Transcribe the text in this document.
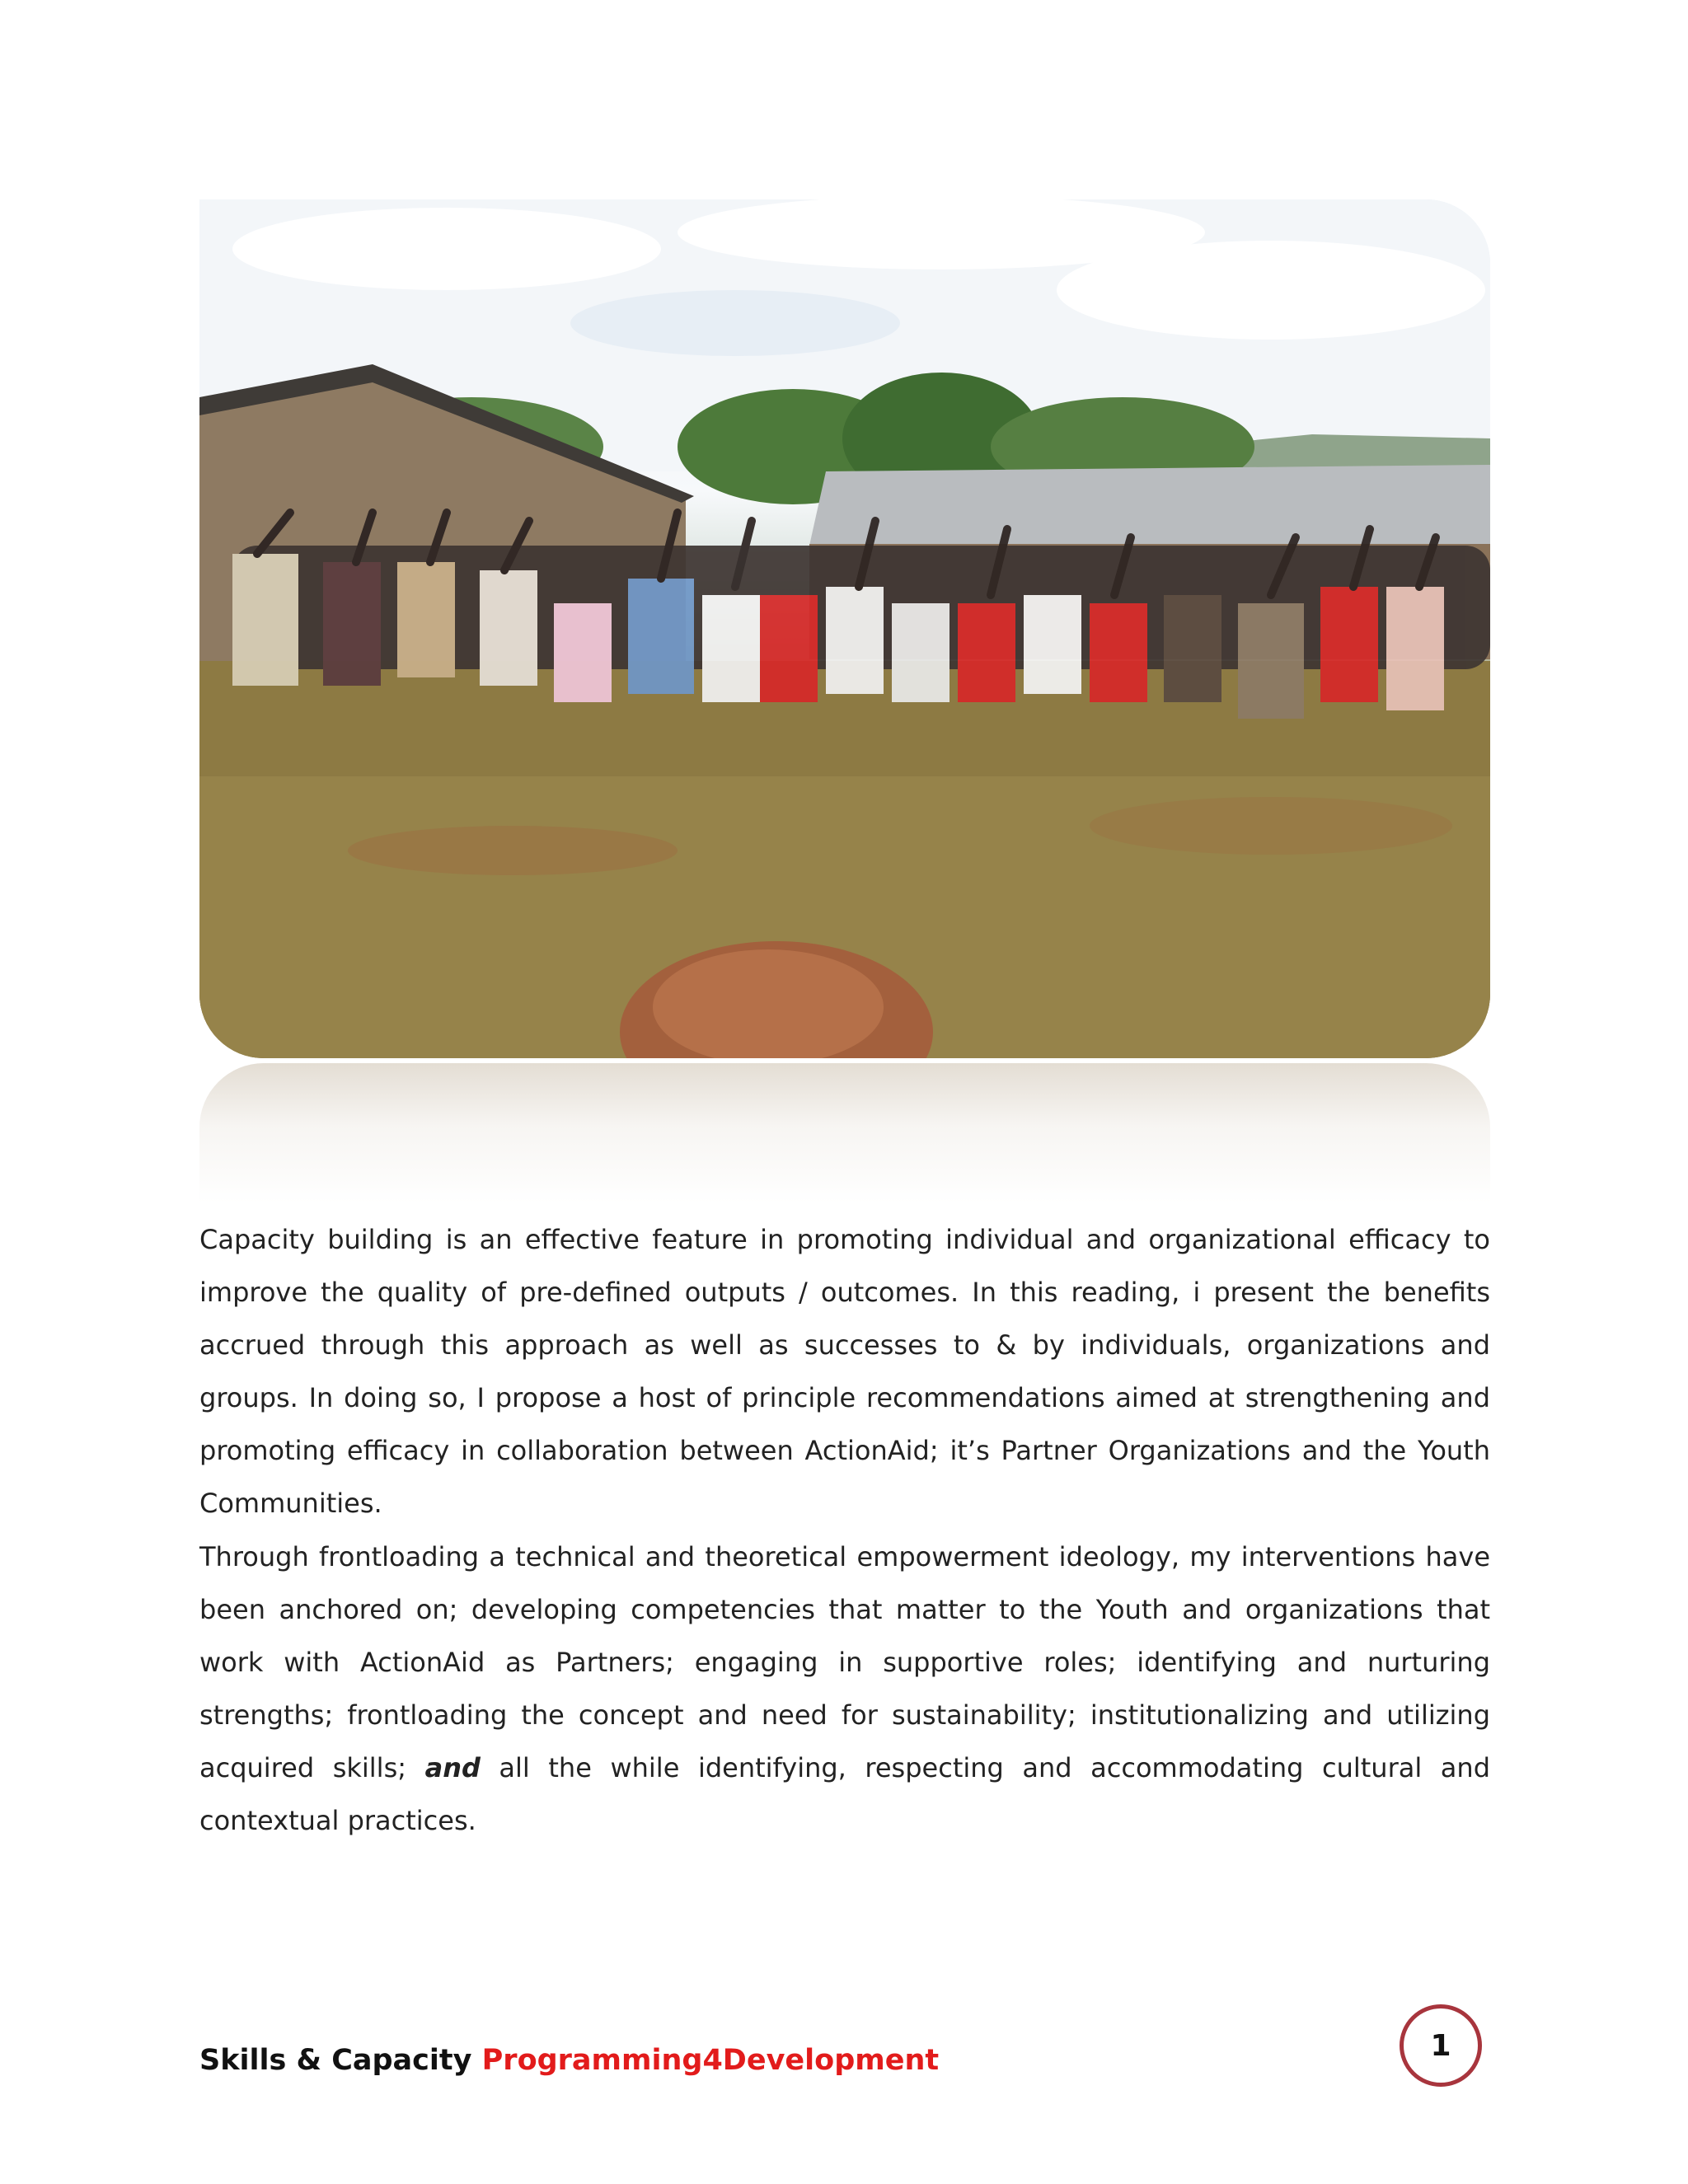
Capacity building is an effective feature in promoting individual and organizational efficacy to improve the quality of pre-defined outputs / outcomes. In this reading, i present the benefits accrued through this approach as well as successes to & by individuals, organizations and groups. In doing so, I propose a host of principle recommendations aimed at strengthening and promoting efficacy in collaboration between ActionAid; it’s Partner Organizations and the Youth Communities.

Through frontloading a technical and theoretical empowerment ideology, my interventions have been anchored on; developing competencies that matter to the Youth and organizations that work with ActionAid as Partners; engaging in supportive roles; identifying and nurturing strengths; frontloading the concept and need for sustainability; institutionalizing and utilizing acquired skills; and all the while identifying, respecting and accommodating cultural and contextual practices.

Skills & Capacity Programming4Development	1
